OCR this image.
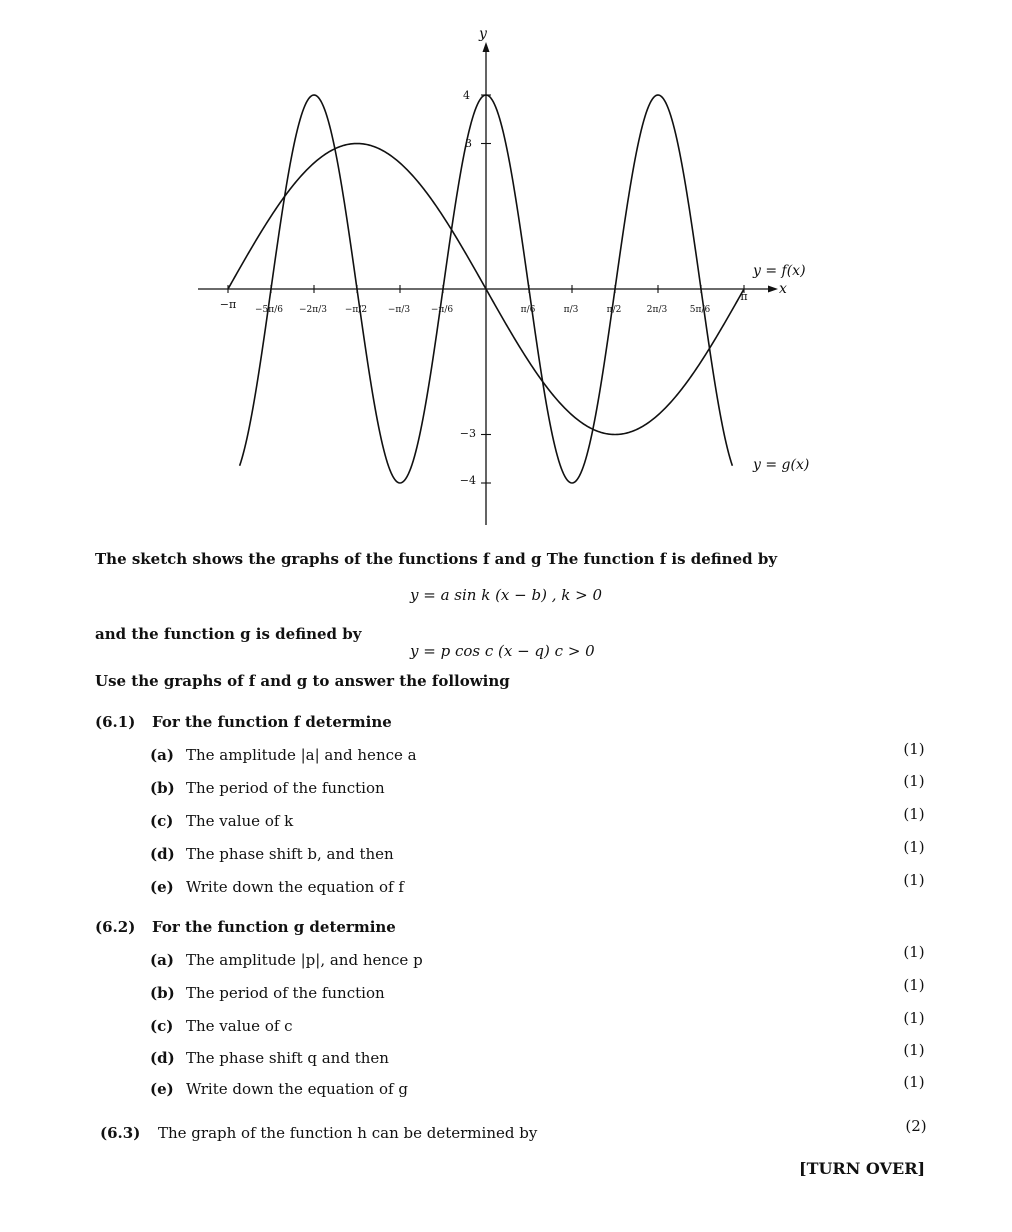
y
x
y = f(x)
y = g(x)
−π −5π/6 −2π/3 −π/2 −π/3 −π/6	π/6	π/3	π/2	2π/3	5π/6
π
4
3
−3
−4
The sketch shows the graphs of the functions f and g The function f is defined by
y = a sin k (x − b) , k > 0
and the function g is defined by
y = p cos c (x − q) c > 0
Use the graphs of f and g to answer the following
(6.1) For the function f determine
(a) The amplitude |a| and hence a	(1)
(b) The period of the function	(1)
(c) The value of k	(1)
(d) The phase shift b, and then	(1)
(e) Write down the equation of f	(1)
(6.2) For the function g determine
(a) The amplitude |p|, and hence p	(1)
(b) The period of the function	(1)
(c) The value of c	(1)
(d) The phase shift q and then	(1)
(e) Write down the equation of g	(1)
(6.3) The graph of the function h can be determined by	(2)
[TURN OVER]
